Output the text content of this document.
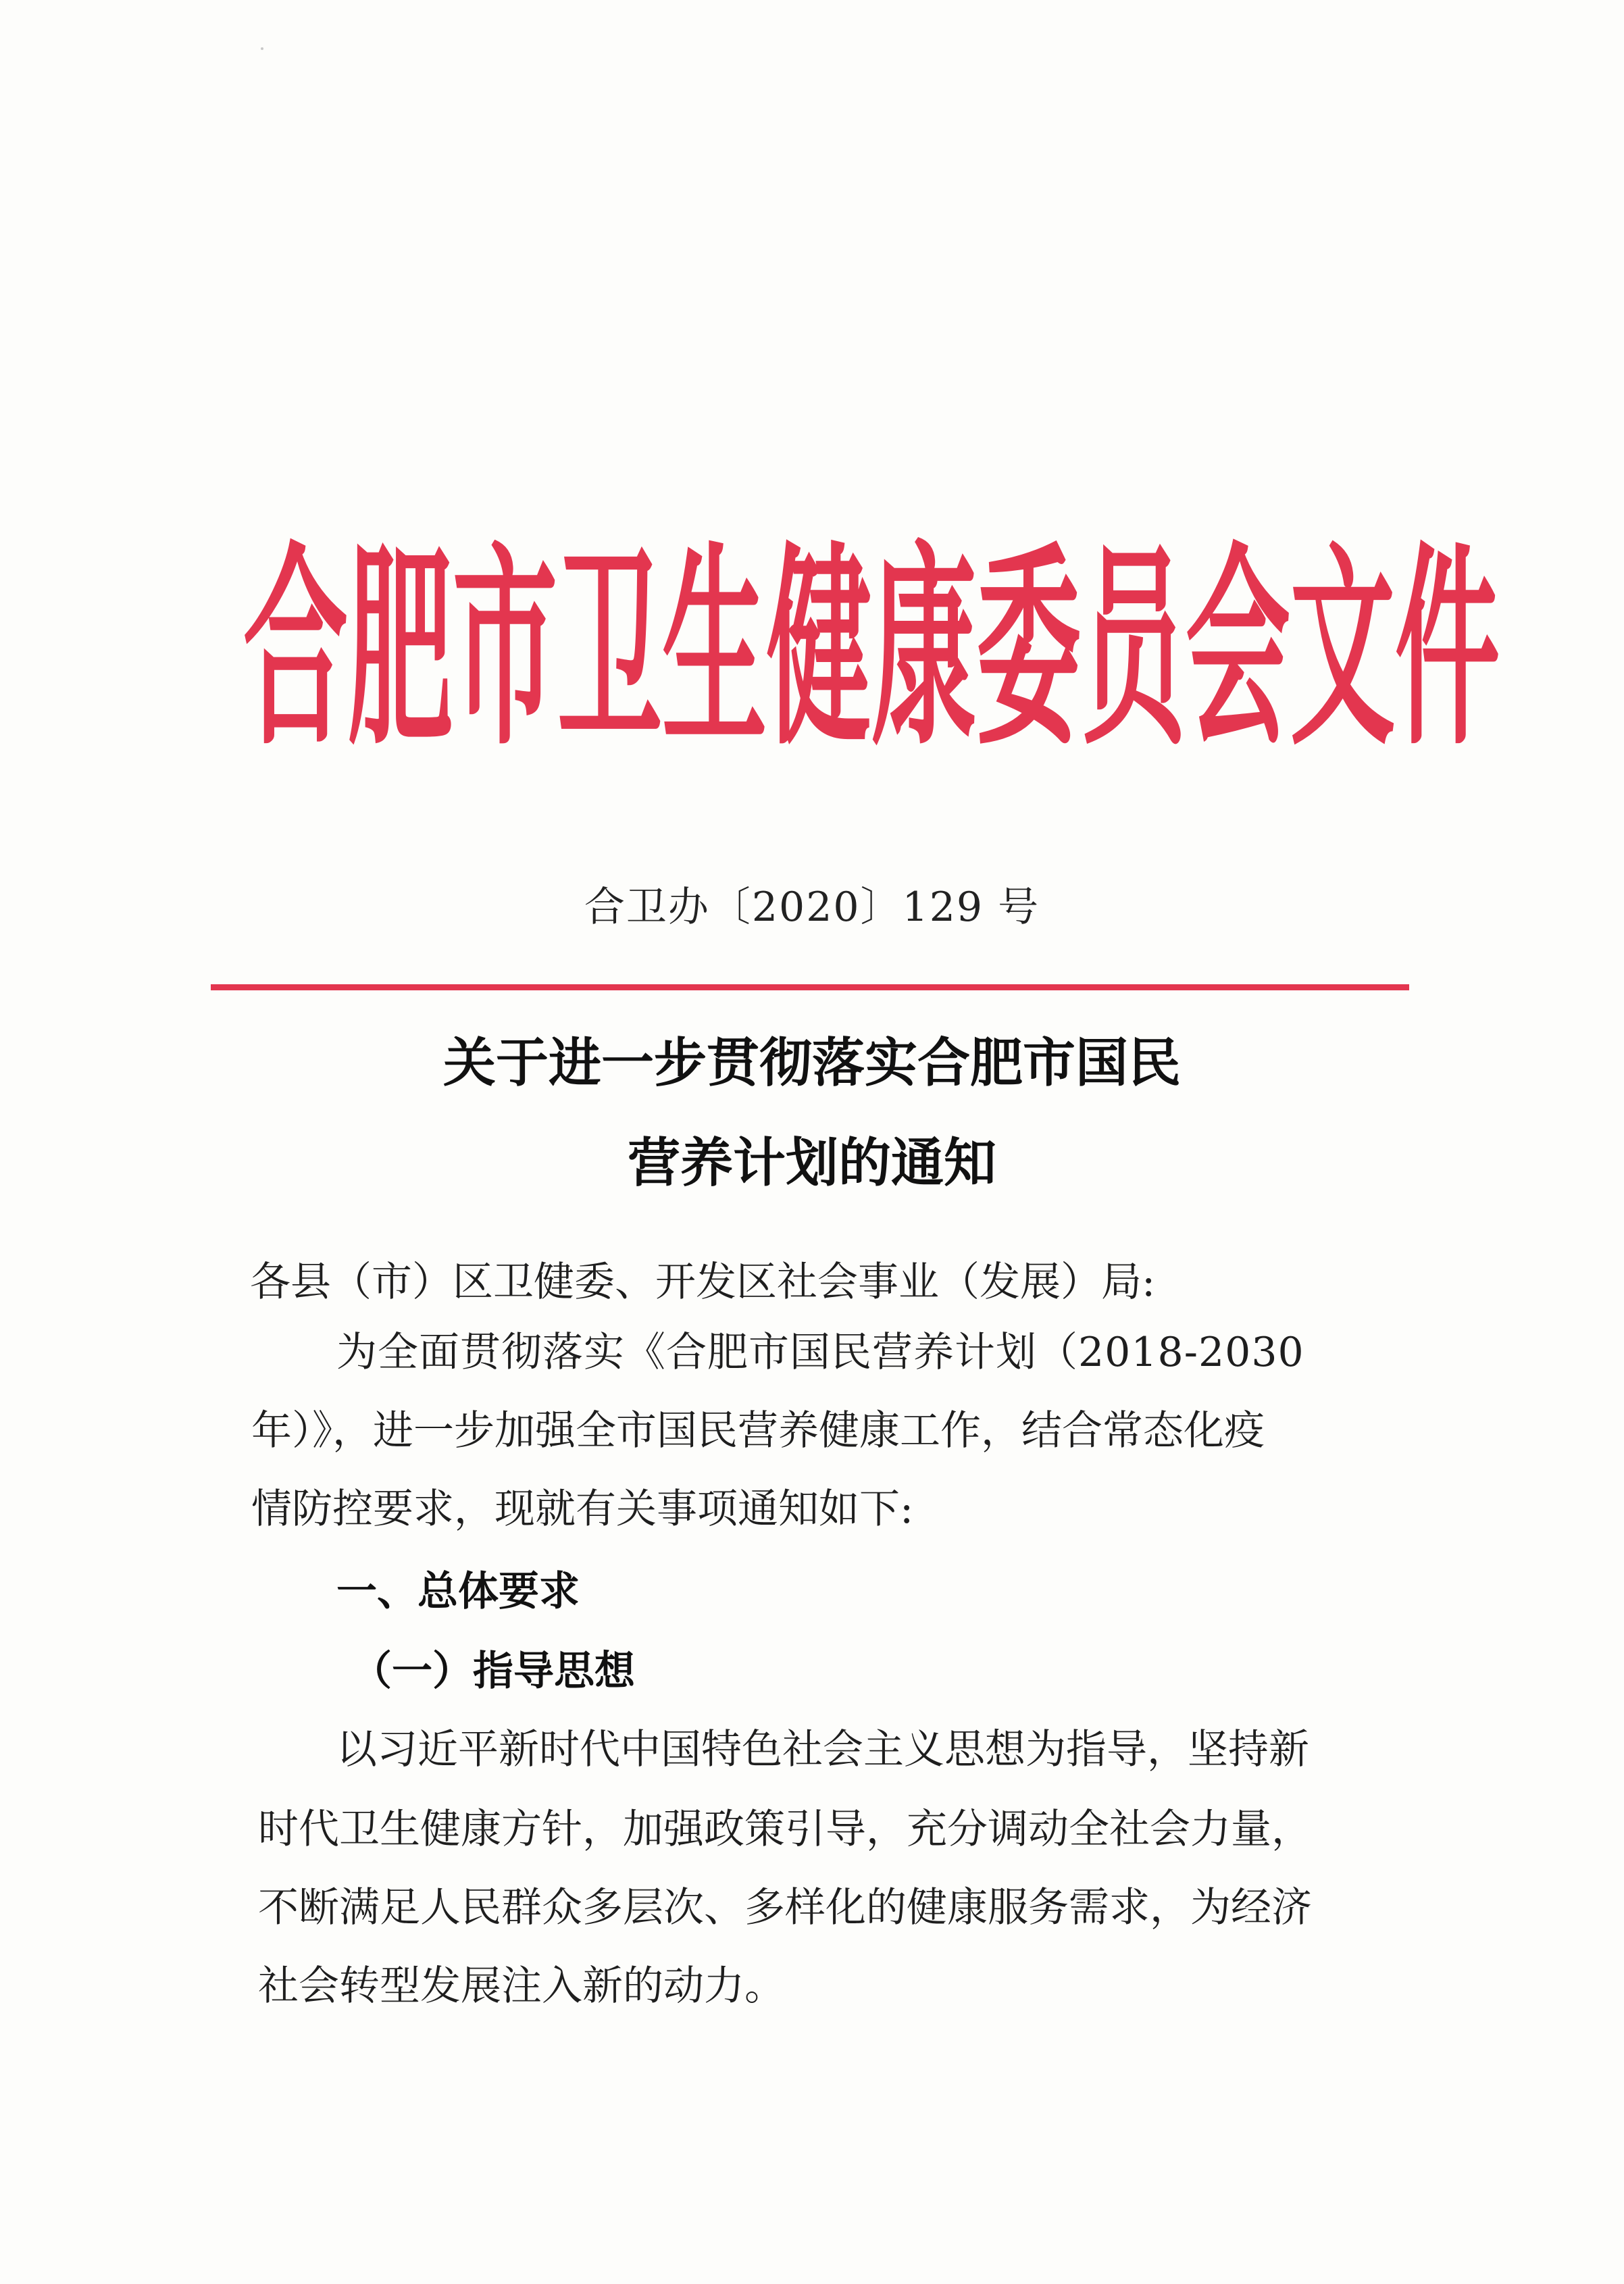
合肥市卫生健康委员会文件
合卫办〔2020〕129 号
关于进一步贯彻落实合肥市国民
营养计划的通知
各县（市）区卫健委、开发区社会事业（发展）局:
为全面贯彻落实《合肥市国民营养计划（2018-2030
年）》，进一步加强全市国民营养健康工作，结合常态化疫
情防控要求，现就有关事项通知如下:
一、总体要求
（一）指导思想
以习近平新时代中国特色社会主义思想为指导，坚持新
时代卫生健康方针，加强政策引导，充分调动全社会力量，
不断满足人民群众多层次、多样化的健康服务需求，为经济
社会转型发展注入新的动力。
